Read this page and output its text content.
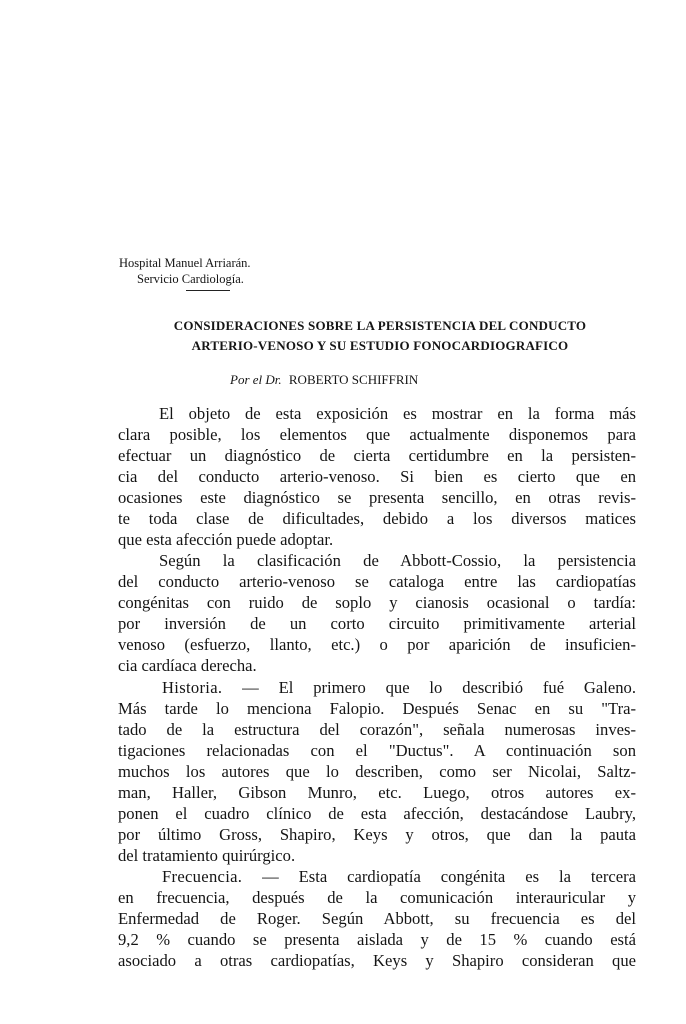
Hospital Manuel Arriarán.
Servicio Cardiología.
CONSIDERACIONES SOBRE LA PERSISTENCIA DEL CONDUCTO
ARTERIO-VENOSO Y SU ESTUDIO FONOCARDIOGRAFICO
Por el Dr. ROBERTO SCHIFFRIN
El objeto de esta exposición es mostrar en la forma más
clara posible, los elementos que actualmente disponemos para
efectuar un diagnóstico de cierta certidumbre en la persisten-
cia del conducto arterio-venoso. Si bien es cierto que en
ocasiones este diagnóstico se presenta sencillo, en otras revis-
te toda clase de dificultades, debido a los diversos matices
que esta afección puede adoptar.
Según la clasificación de Abbott-Cossio, la persistencia
del conducto arterio-venoso se cataloga entre las cardiopatías
congénitas con ruido de soplo y cianosis ocasional o tardía:
por inversión de un corto circuito primitivamente arterial
venoso (esfuerzo, llanto, etc.) o por aparición de insuficien-
cia cardíaca derecha.
Historia. — El primero que lo describió fué Galeno.
Más tarde lo menciona Falopio. Después Senac en su "Tra-
tado de la estructura del corazón", señala numerosas inves-
tigaciones relacionadas con el "Ductus". A continuación son
muchos los autores que lo describen, como ser Nicolai, Saltz-
man, Haller, Gibson Munro, etc. Luego, otros autores ex-
ponen el cuadro clínico de esta afección, destacándose Laubry,
por último Gross, Shapiro, Keys y otros, que dan la pauta
del tratamiento quirúrgico.
Frecuencia. — Esta cardiopatía congénita es la tercera
en frecuencia, después de la comunicación interauricular y
Enfermedad de Roger. Según Abbott, su frecuencia es del
9,2 % cuando se presenta aislada y de 15 % cuando está
asociado a otras cardiopatías, Keys y Shapiro consideran que
